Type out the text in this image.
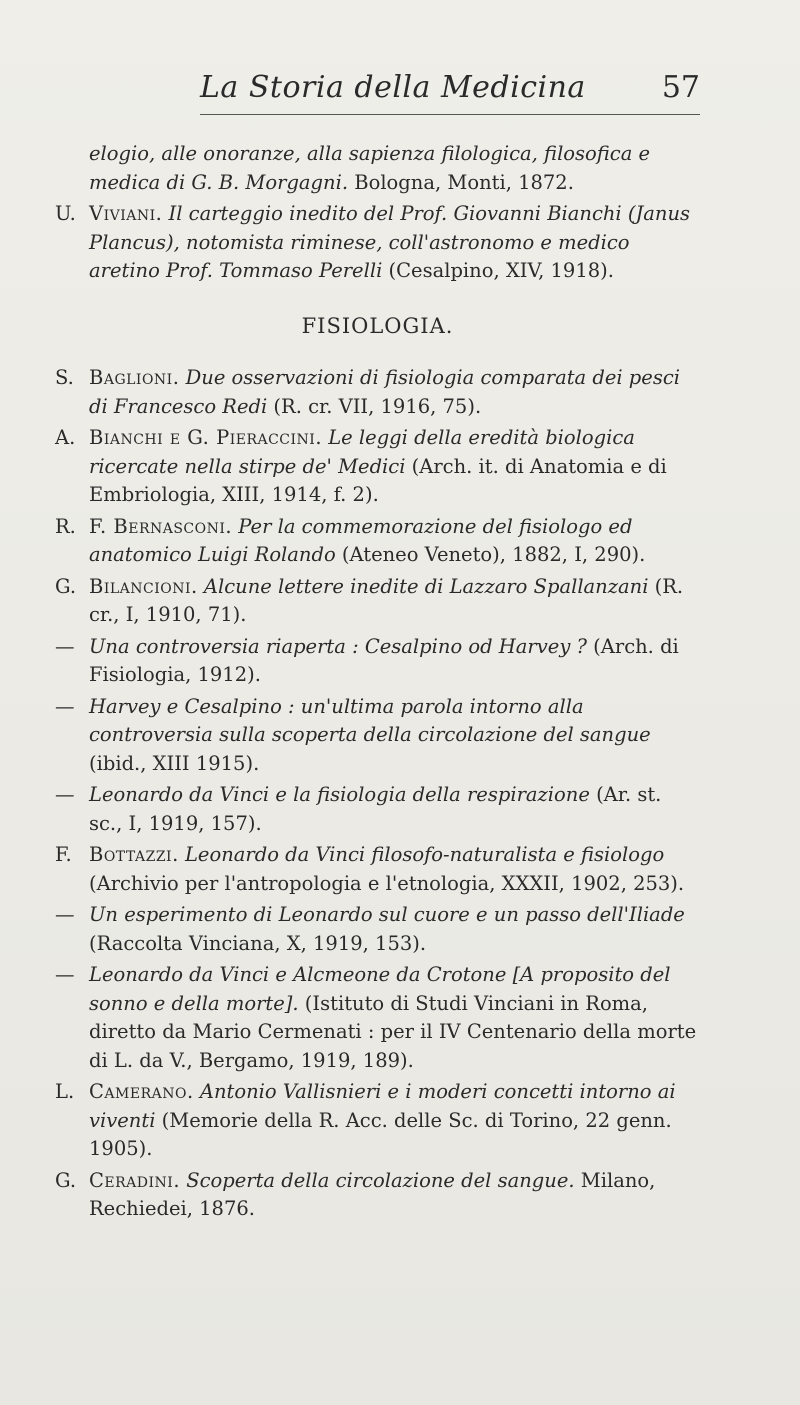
La Storia della Medicina	57

elogio, alle onoranze, alla sapienza filologica, filosofica e medica di G. B. Morgagni. Bologna, Monti, 1872.

U. Viviani. Il carteggio inedito del Prof. Giovanni Bianchi (Janus Plancus), notomista riminese, coll'astronomo e medico aretino Prof. Tommaso Perelli (Cesalpino, XIV, 1918).

FISIOLOGIA.

S. Baglioni. Due osservazioni di fisiologia comparata dei pesci di Francesco Redi (R. cr. VII, 1916, 75).

A. Bianchi e G. Pieraccini. Le leggi della eredità biologica ricercate nella stirpe de' Medici (Arch. it. di Anatomia e di Embriologia, XIII, 1914, f. 2).

R. F. Bernasconi. Per la commemorazione del fisiologo ed anatomico Luigi Rolando (Ateneo Veneto), 1882, I, 290).

G. Bilancioni. Alcune lettere inedite di Lazzaro Spallanzani (R. cr., I, 1910, 71).

— Una controversia riaperta : Cesalpino od Harvey ? (Arch. di Fisiologia, 1912).

— Harvey e Cesalpino : un'ultima parola intorno alla controversia sulla scoperta della circolazione del sangue (ibid., XIII 1915).

— Leonardo da Vinci e la fisiologia della respirazione (Ar. st. sc., I, 1919, 157).

F. Bottazzi. Leonardo da Vinci filosofo-naturalista e fisiologo (Archivio per l'antropologia e l'etnologia, XXXII, 1902, 253).

— Un esperimento di Leonardo sul cuore e un passo dell'Iliade (Raccolta Vinciana, X, 1919, 153).

— Leonardo da Vinci e Alcmeone da Crotone [A proposito del sonno e della morte]. (Istituto di Studi Vinciani in Roma, diretto da Mario Cermenati : per il IV Centenario della morte di L. da V., Bergamo, 1919, 189).

L. Camerano. Antonio Vallisnieri e i moderi concetti intorno ai viventi (Memorie della R. Acc. delle Sc. di Torino, 22 genn. 1905).

G. Ceradini. Scoperta della circolazione del sangue. Milano, Rechiedei, 1876.
